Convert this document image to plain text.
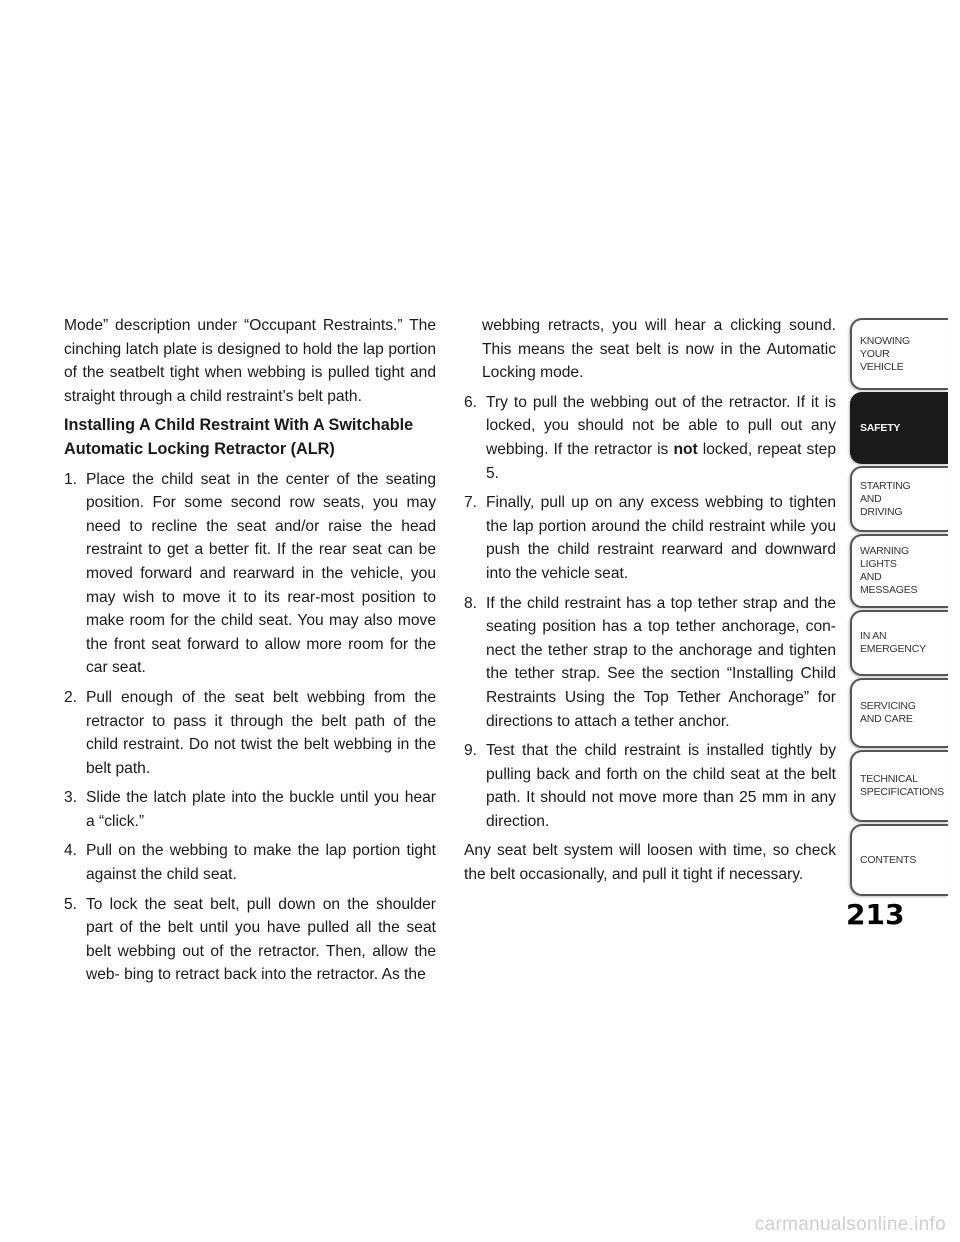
Mode” description under “Occupant Restraints.” The cinching latch plate is designed to hold the lap portion of the seatbelt tight when webbing is pulled tight and straight through a child restraint’s belt path.

Installing A Child Restraint With A Switchable Automatic Locking Retractor (ALR)
1. Place the child seat in the center of the seating position. For some second row seats, you may need to recline the seat and/or raise the head restraint to get a better fit. If the rear seat can be moved forward and rearward in the vehicle, you may wish to move it to its rear-most position to make room for the child seat. You may also move the front seat forward to allow more room for the car seat.
2. Pull enough of the seat belt webbing from the retractor to pass it through the belt path of the child restraint. Do not twist the belt webbing in the belt path.
3. Slide the latch plate into the buckle until you hear a “click.”
4. Pull on the webbing to make the lap portion tight against the child seat.
5. To lock the seat belt, pull down on the shoulder part of the belt until you have pulled all the seat belt webbing out of the retractor. Then, allow the web- bing to retract back into the retractor. As the

webbing retracts, you will hear a clicking sound. This means the seat belt is now in the Automatic Locking mode.

6. Try to pull the webbing out of the retractor. If it is locked, you should not be able to pull out any webbing. If the retractor is not locked, repeat step 5.
7. Finally, pull up on any excess webbing to tighten the lap portion around the child restraint while you push the child restraint rearward and downward into the vehicle seat.
8. If the child restraint has a top tether strap and the seating position has a top tether anchorage, con- nect the tether strap to the anchorage and tighten the tether strap. See the section “Installing Child Restraints Using the Top Tether Anchorage” for directions to attach a tether anchor.
9. Test that the child restraint is installed tightly by pulling back and forth on the child seat at the belt path. It should not move more than 25 mm in any direction.

Any seat belt system will loosen with time, so check the belt occasionally, and pull it tight if necessary.

KNOWING
YOUR
VEHICLE
SAFETY
STARTING
AND
DRIVING
WARNING
LIGHTS
AND
MESSAGES
IN AN
EMERGENCY
SERVICING
AND CARE
TECHNICAL
SPECIFICATIONS
CONTENTS
213
carmanualsonline.info
